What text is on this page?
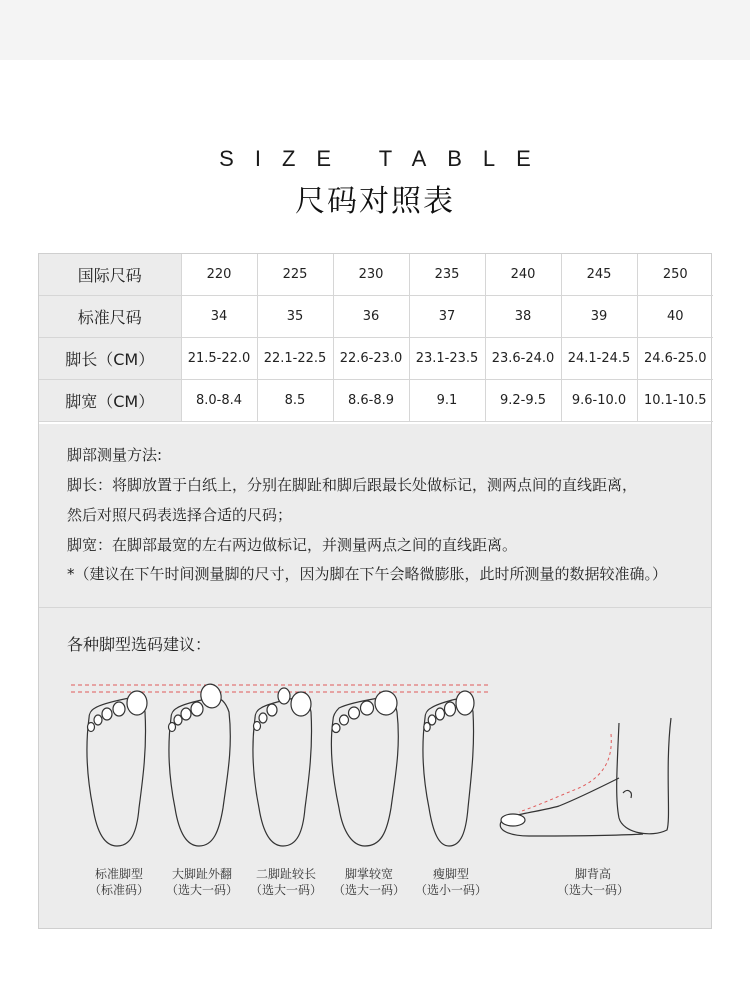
SIZE TABLE
尺码对照表
国际尺码	220	225	230	235	240	245	250
标准尺码	34	35	36	37	38	39	40
脚长（CM）	21.5-22.0	22.1-22.5	22.6-23.0	23.1-23.5	23.6-24.0	24.1-24.5	24.6-25.0
脚宽（CM）	8.0-8.4	8.5	8.6-8.9	9.1	9.2-9.5	9.6-10.0	10.1-10.5
脚部测量方法:
脚长：将脚放置于白纸上，分别在脚趾和脚后跟最长处做标记，测两点间的直线距离，
然后对照尺码表选择合适的尺码；
脚宽：在脚部最宽的左右两边做标记，并测量两点之间的直线距离。
*（建议在下午时间测量脚的尺寸，因为脚在下午会略微膨胀，此时所测量的数据较准确。）
各种脚型选码建议：
标准脚型
（标准码）
大脚趾外翻
（选大一码）
二脚趾较长
（选大一码）
脚掌较宽
（选大一码）
瘦脚型
（选小一码）
脚背高
（选大一码）
